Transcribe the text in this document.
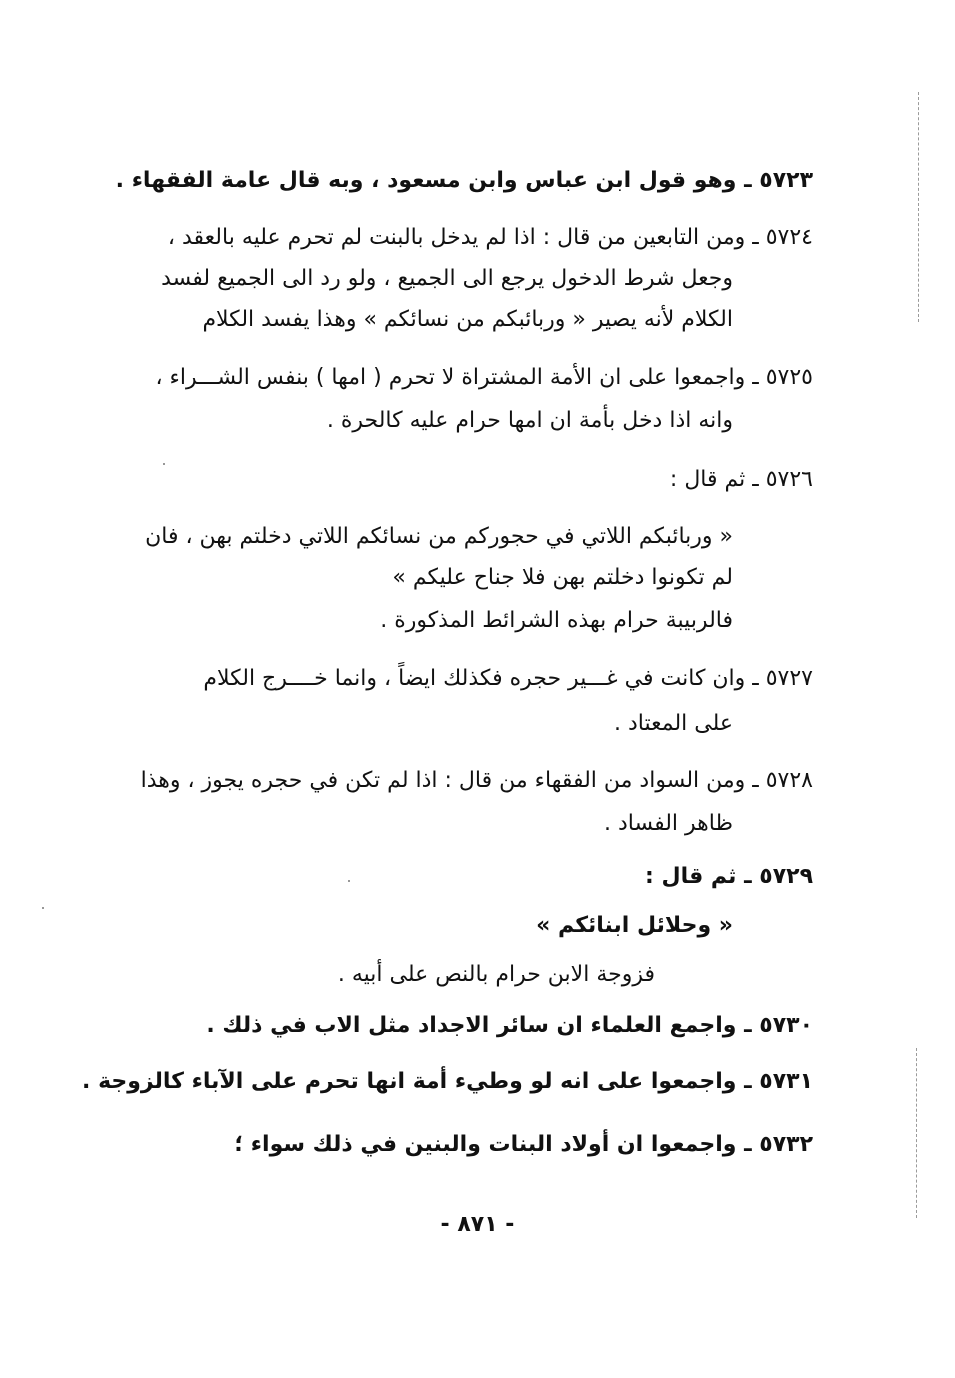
٥٧٢٣ ـ وهو قول ابن عباس وابن مسعود ، وبه قال عامة الفقهاء .
٥٧٢٤ ـ ومن التابعين من قال : اذا لم يدخل بالبنت لم تحرم عليه بالعقد ،
وجعل شرط الدخول يرجع الى الجميع ، ولو رد الى الجميع لفسد
الكلام لأنه يصير « وربائبكم من نسائكم » وهذا يفسد الكلام
٥٧٢٥ ـ واجمعوا على ان الأمة المشتراة لا تحرم ( امها ) بنفس الشـــراء ،
وانه اذا دخل بأمة ان امها حرام عليه كالحرة .
٥٧٢٦ ـ ثم قال :
« وربائبكم اللاتي في حجوركم من نسائكم اللاتي دخلتم بهن ، فان
لم تكونوا دخلتم بهن فلا جناح عليكم »
فالربيبة حرام بهذه الشرائط المذكورة .
٥٧٢٧ ـ وان كانت في غـــير حجره فكذلك ايضاً ، وانما خــــرج الكلام
على المعتاد .
٥٧٢٨ ـ ومن السواد من الفقهاء من قال : اذا لم تكن في حجره يجوز ، وهذا
ظاهر الفساد .
٥٧٢٩ ـ ثم قال :
« وحلائل ابنائكم »
فزوجة الابن حرام بالنص على أبيه .
٥٧٣٠ ـ واجمع العلماء ان سائر الاجداد مثل الاب في ذلك .
٥٧٣١ ـ واجمعوا على انه لو وطيء أمة انها تحرم على الآباء كالزوجة .
٥٧٣٢ ـ واجمعوا ان أولاد البنات والبنين في ذلك سواء ؛
- ٨٧١ -
